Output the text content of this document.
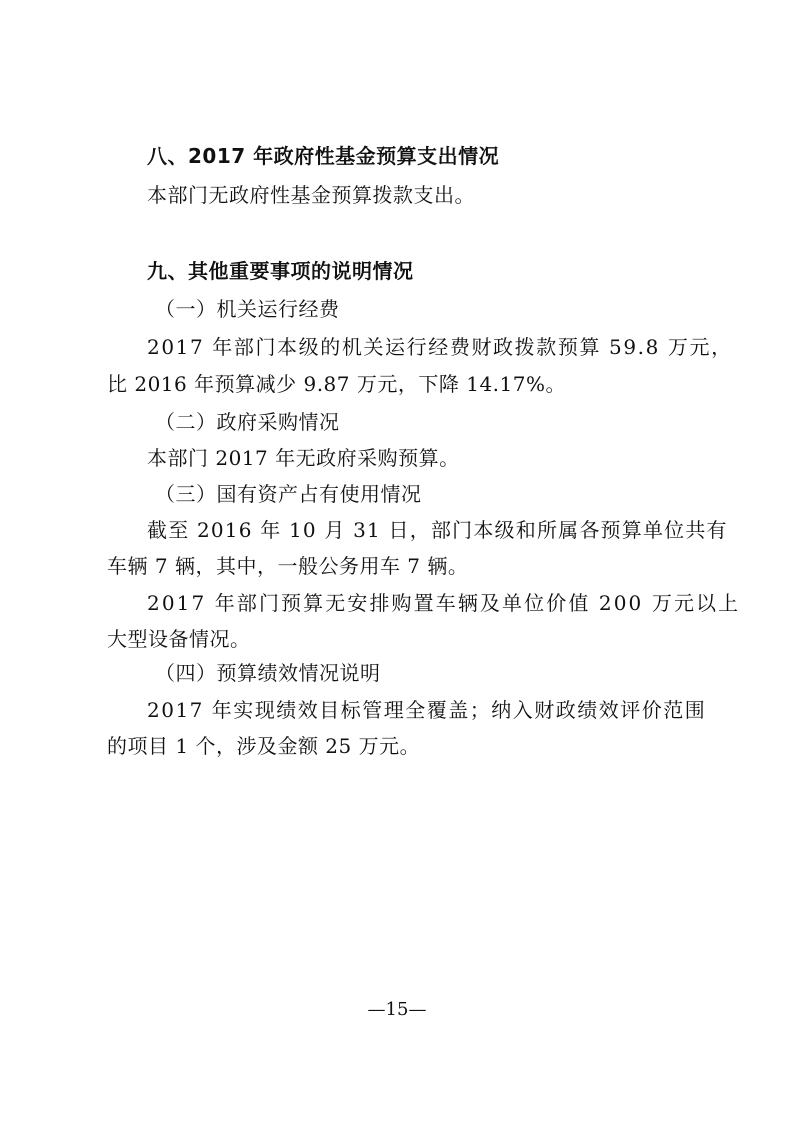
八、2017 年政府性基金预算支出情况
本部门无政府性基金预算拨款支出。
九、其他重要事项的说明情况
（一）机关运行经费
2017 年部门本级的机关运行经费财政拨款预算 59.8 万元，
比 2016 年预算减少 9.87 万元，下降 14.17%。
（二）政府采购情况
本部门 2017 年无政府采购预算。
（三）国有资产占有使用情况
截至 2016 年 10 月 31 日，部门本级和所属各预算单位共有
车辆 7 辆，其中，一般公务用车 7 辆。
2017 年部门预算无安排购置车辆及单位价值 200 万元以上
大型设备情况。
（四）预算绩效情况说明
2017 年实现绩效目标管理全覆盖；纳入财政绩效评价范围
的项目 1 个，涉及金额 25 万元。
—15—
